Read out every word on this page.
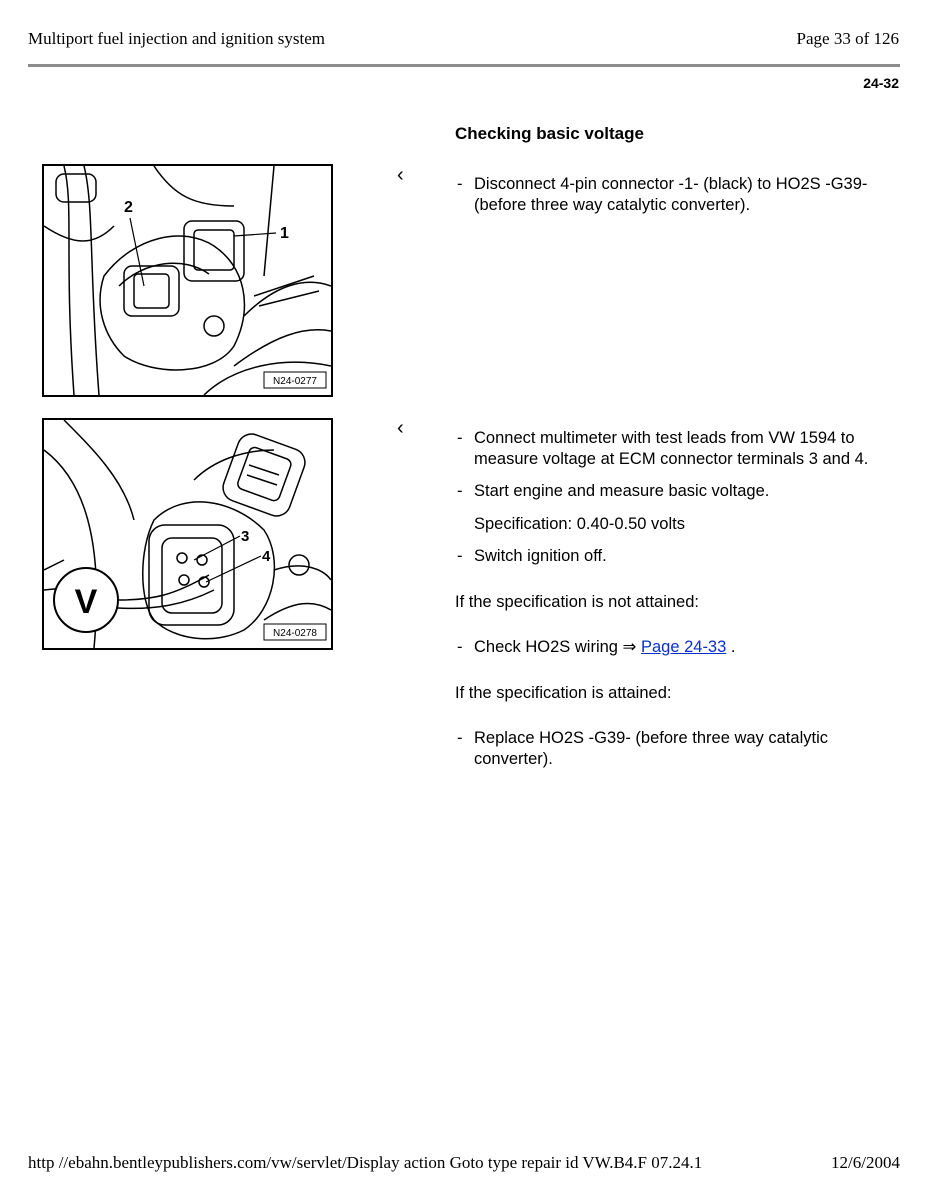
Multiport fuel injection and ignition system	Page 33 of 126
24-32
Checking basic voltage
2
1
N24-0277
‹	- Disconnect 4-pin connector -1- (black) to HO2S -G39- (before three way catalytic converter).

V
3
4
N24-0278
‹	- Connect multimeter with test leads from VW 1594 to measure voltage at ECM connector terminals 3 and 4.

- Start engine and measure basic voltage.

Specification: 0.40-0.50 volts

- Switch ignition off.

If the specification is not attained:

- Check HO2S wiring ⇒ Page 24-33 .

If the specification is attained:

- Replace HO2S -G39- (before three way catalytic converter).

http //ebahn.bentleypublishers.com/vw/servlet/Display action Goto type repair id VW.B4.F 07.24.1	12/6/2004
